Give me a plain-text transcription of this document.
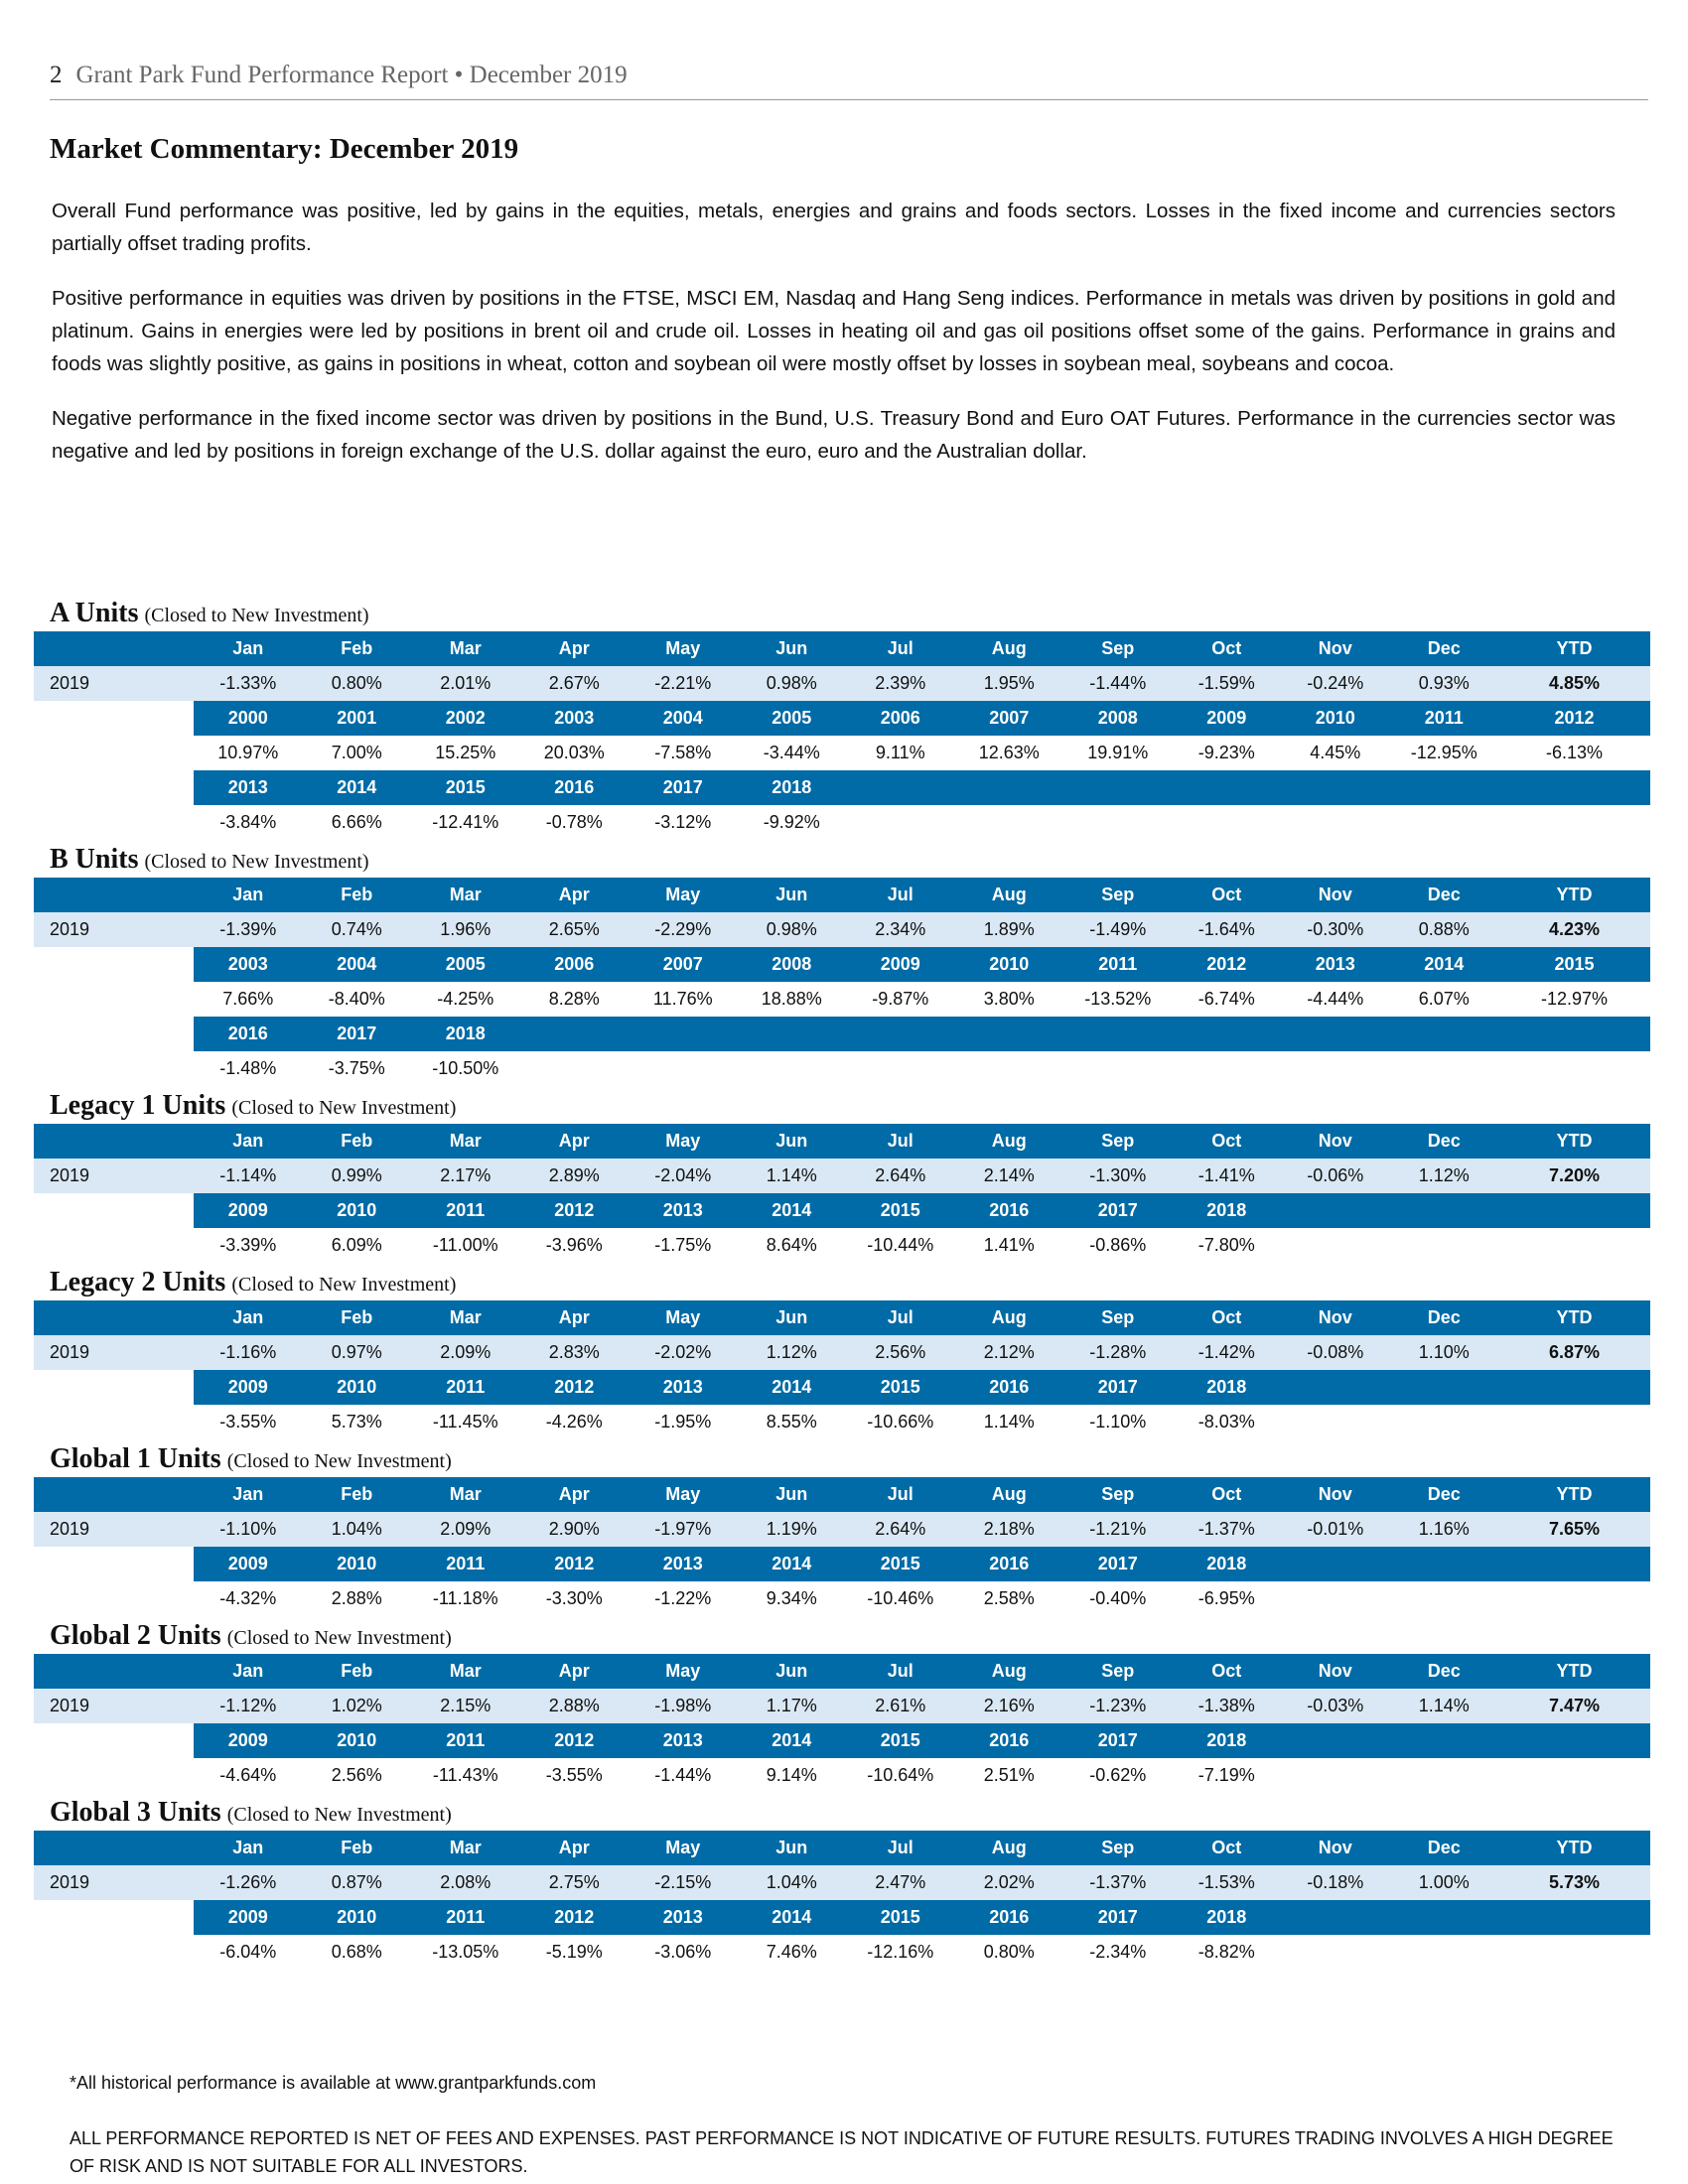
2 Grant Park Fund Performance Report • December 2019
Market Commentary: December 2019

Overall Fund performance was positive, led by gains in the equities, metals, energies and grains and foods sectors. Losses in the fixed income and currencies sectors partially offset trading profits.

Positive performance in equities was driven by positions in the FTSE, MSCI EM, Nasdaq and Hang Seng indices. Performance in metals was driven by positions in gold and platinum. Gains in energies were led by positions in brent oil and crude oil. Losses in heating oil and gas oil positions offset some of the gains. Performance in grains and foods was slightly positive, as gains in positions in wheat, cotton and soybean oil were mostly offset by losses in soybean meal, soybeans and cocoa.

Negative performance in the fixed income sector was driven by positions in the Bund, U.S. Treasury Bond and Euro OAT Futures. Performance in the currencies sector was negative and led by positions in foreign exchange of the U.S. dollar against the euro, euro and the Australian dollar.

A Units (Closed to New Investment)
Jan	Feb	Mar	Apr	May	Jun	Jul	Aug	Sep	Oct	Nov	Dec	YTD
2019	-1.33%	0.80%	2.01%	2.67%	-2.21%	0.98%	2.39%	1.95%	-1.44%	-1.59%	-0.24%	0.93%	4.85%
2000	2001	2002	2003	2004	2005	2006	2007	2008	2009	2010	2011	2012
10.97%	7.00%	15.25%	20.03%	-7.58%	-3.44%	9.11%	12.63%	19.91%	-9.23%	4.45%	-12.95%	-6.13%
2013	2014	2015	2016	2017	2018
-3.84%	6.66%	-12.41%	-0.78%	-3.12%	-9.92%
B Units (Closed to New Investment)
Jan	Feb	Mar	Apr	May	Jun	Jul	Aug	Sep	Oct	Nov	Dec	YTD
2019	-1.39%	0.74%	1.96%	2.65%	-2.29%	0.98%	2.34%	1.89%	-1.49%	-1.64%	-0.30%	0.88%	4.23%
2003	2004	2005	2006	2007	2008	2009	2010	2011	2012	2013	2014	2015
7.66%	-8.40%	-4.25%	8.28%	11.76%	18.88%	-9.87%	3.80%	-13.52%	-6.74%	-4.44%	6.07%	-12.97%
2016	2017	2018
-1.48%	-3.75%	-10.50%
Legacy 1 Units (Closed to New Investment)
Jan	Feb	Mar	Apr	May	Jun	Jul	Aug	Sep	Oct	Nov	Dec	YTD
2019	-1.14%	0.99%	2.17%	2.89%	-2.04%	1.14%	2.64%	2.14%	-1.30%	-1.41%	-0.06%	1.12%	7.20%
2009	2010	2011	2012	2013	2014	2015	2016	2017	2018
-3.39%	6.09%	-11.00%	-3.96%	-1.75%	8.64%	-10.44%	1.41%	-0.86%	-7.80%
Legacy 2 Units (Closed to New Investment)
Jan	Feb	Mar	Apr	May	Jun	Jul	Aug	Sep	Oct	Nov	Dec	YTD
2019	-1.16%	0.97%	2.09%	2.83%	-2.02%	1.12%	2.56%	2.12%	-1.28%	-1.42%	-0.08%	1.10%	6.87%
2009	2010	2011	2012	2013	2014	2015	2016	2017	2018
-3.55%	5.73%	-11.45%	-4.26%	-1.95%	8.55%	-10.66%	1.14%	-1.10%	-8.03%
Global 1 Units (Closed to New Investment)
Jan	Feb	Mar	Apr	May	Jun	Jul	Aug	Sep	Oct	Nov	Dec	YTD
2019	-1.10%	1.04%	2.09%	2.90%	-1.97%	1.19%	2.64%	2.18%	-1.21%	-1.37%	-0.01%	1.16%	7.65%
2009	2010	2011	2012	2013	2014	2015	2016	2017	2018
-4.32%	2.88%	-11.18%	-3.30%	-1.22%	9.34%	-10.46%	2.58%	-0.40%	-6.95%
Global 2 Units (Closed to New Investment)
Jan	Feb	Mar	Apr	May	Jun	Jul	Aug	Sep	Oct	Nov	Dec	YTD
2019	-1.12%	1.02%	2.15%	2.88%	-1.98%	1.17%	2.61%	2.16%	-1.23%	-1.38%	-0.03%	1.14%	7.47%
2009	2010	2011	2012	2013	2014	2015	2016	2017	2018
-4.64%	2.56%	-11.43%	-3.55%	-1.44%	9.14%	-10.64%	2.51%	-0.62%	-7.19%
Global 3 Units (Closed to New Investment)
Jan	Feb	Mar	Apr	May	Jun	Jul	Aug	Sep	Oct	Nov	Dec	YTD
2019	-1.26%	0.87%	2.08%	2.75%	-2.15%	1.04%	2.47%	2.02%	-1.37%	-1.53%	-0.18%	1.00%	5.73%
2009	2010	2011	2012	2013	2014	2015	2016	2017	2018
-6.04%	0.68%	-13.05%	-5.19%	-3.06%	7.46%	-12.16%	0.80%	-2.34%	-8.82%
*All historical performance is available at www.grantparkfunds.com
ALL PERFORMANCE REPORTED IS NET OF FEES AND EXPENSES. PAST PERFORMANCE IS NOT INDICATIVE OF FUTURE RESULTS. FUTURES TRADING INVOLVES A HIGH DEGREE OF RISK AND IS NOT SUITABLE FOR ALL INVESTORS.
